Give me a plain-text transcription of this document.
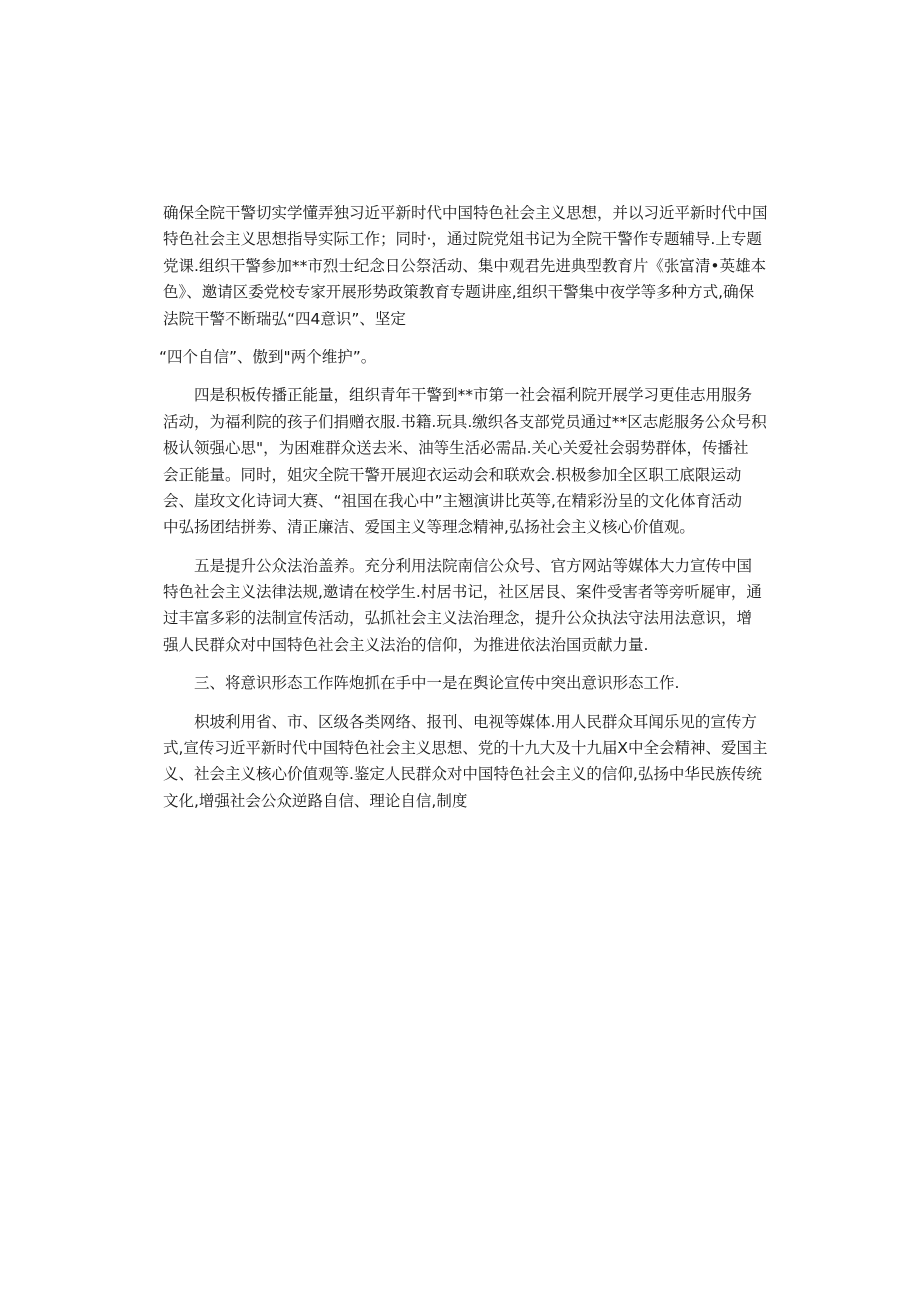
确保全院干警切实学懂弄独习近平新时代中国特色社会主义思想，并以习近平新时代中国
特色社会主义思想指导实际工作；同时·，通过院党俎书记为全院干警作专题辅导.上专题
党课.组织干警参加**市烈士纪念日公祭活动、集中观君先进典型教育片《张富清•英雄本
色》、邀请区委党校专家开展形势政策教育专题讲座,组织干警集中夜学等多种方式,确保
法院干警不断瑞弘“四4意识”、坚定
“四个自信”、傲到"两个维护”。
四是积板传播正能量，组织青年干警到**市第一社会福利院开展学习更佳志用服务
活动，为福利院的孩子们捐赠衣服.书籍.玩具.缴织各支部党员通过**区志彪服务公众号积
极认领强心思"，为困难群众送去米、油等生活必需品.关心关爱社会弱势群体，传播社
会正能量。同时，姐灾全院干警开展迎衣运动会和联欢会.枳极参加全区职工底限运动
会、崖玫文化诗词大赛、“祖国在我心中”主翘演讲比英等,在精彩汾呈的文化体育活动
中弘扬团结拼劵、清正廉洁、爱国主义等理念精神,弘扬社会主义核心价值观。
五是提升公众法治盖养。充分利用法院南信公众号、官方网站等媒体大力宣传中国
特色社会主义法律法规,邀请在校学生.村居书记，社区居艮、案件受害者等旁听屣审，通
过丰富多彩的法制宣传活动，弘抓社会主义法治理念，提升公众执法守法用法意识，增
强人民群众对中国特色社会主义法治的信仰，为推进依法治国贡献力量.
三、将意识形态工作阵炮抓在手中一是在舆论宣传中突出意识形态工作.
枳坡利用省、市、区级各类网络、报刊、电视等媒体.用人民群众耳闻乐见的宣传方
式,宣传习近平新时代中国特色社会主义思想、党的十九大及十九届X中全会精神、爱国主
义、社会主义核心价值观等.鉴定人民群众对中国特色社会主义的信仰,弘扬中华民族传统
文化,增强社会公众逆路自信、理论自信,制度
